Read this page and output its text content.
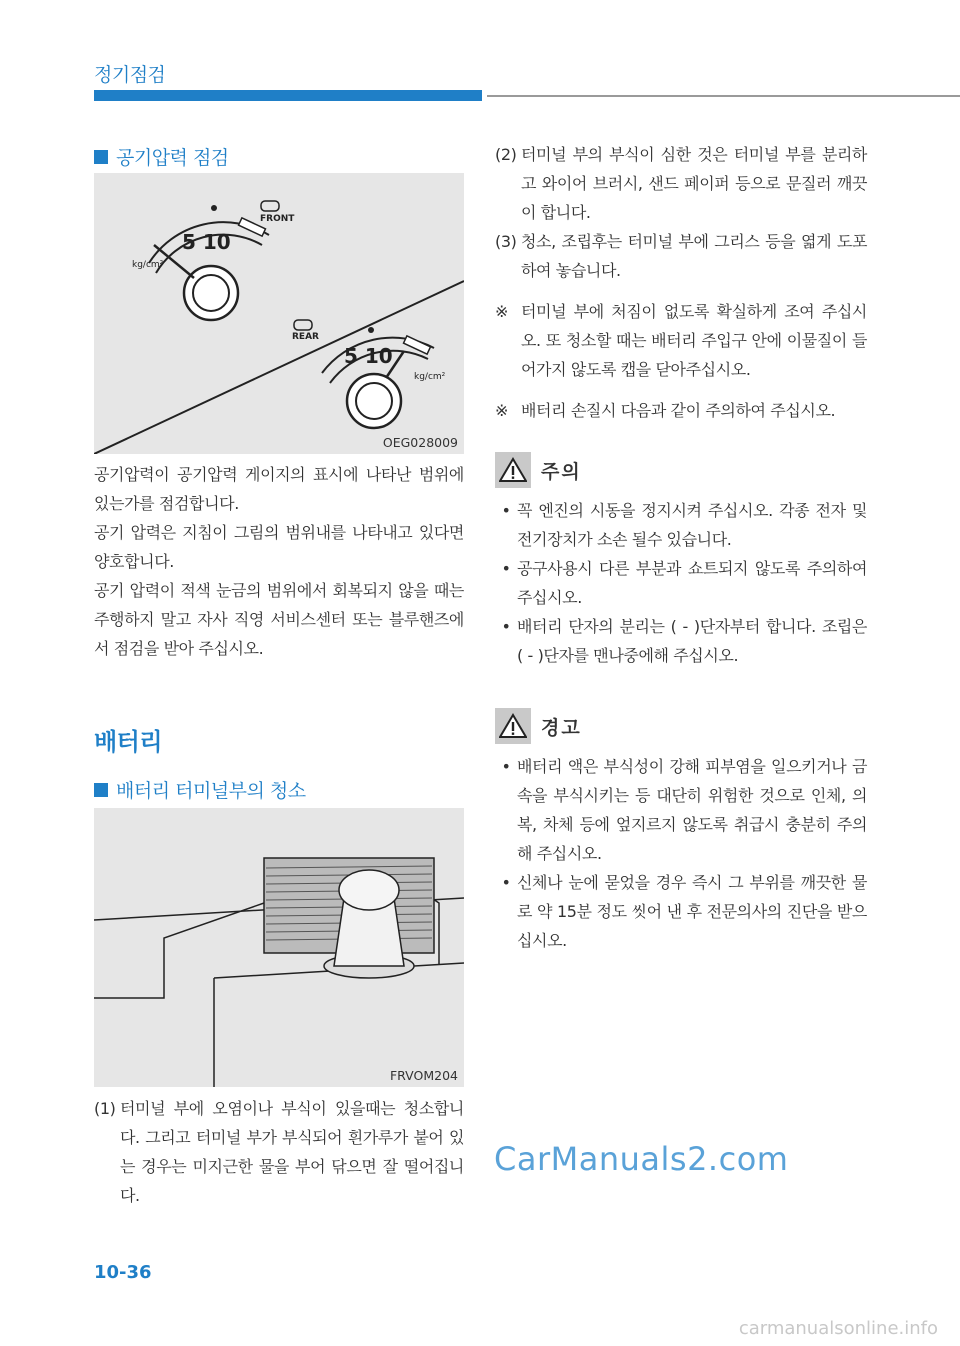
정기점검
공기압력 점검
FRONT
REAR
5 10
5 10
kg/cm²
kg/cm²
OEG028009

공기압력이 공기압력 게이지의 표시에 나타난 범위에 있는가를 점검합니다.

공기 압력은 지침이 그림의 범위내를 나타내고 있다면 양호합니다.

공기 압력이 적색 눈금의 범위에서 회복되지 않을 때는 주행하지 말고 자사 직영 서비스센터 또는 블루핸즈에서 점검을 받아 주십시오.

배터리
배터리 터미널부의 청소
FRVOM204
(1) 터미널 부에 오염이나 부식이 있을때는 청소합니다. 그리고 터미널 부가 부식되어 흰가루가 붙어 있는 경우는 미지근한 물을 부어 닦으면 잘 떨어집니다.
(2) 터미널 부의 부식이 심한 것은 터미널 부를 분리하고 와이어 브러시, 샌드 페이퍼 등으로 문질러 깨끗이 합니다.
(3) 청소, 조립후는 터미널 부에 그리스 등을 엷게 도포하여 놓습니다.
※ 터미널 부에 처짐이 없도록 확실하게 조여 주십시오. 또 청소할 때는 배터리 주입구 안에 이물질이 들어가지 않도록 캡을 닫아주십시오.
※ 배터리 손질시 다음과 같이 주의하여 주십시오.
주의
• 꼭 엔진의 시동을 정지시켜 주십시오. 각종 전자 및 전기장치가 소손 될수 있습니다.
• 공구사용시 다른 부분과 쇼트되지 않도록 주의하여 주십시오.
• 배터리 단자의 분리는 ( - )단자부터 합니다. 조립은 ( - )단자를 맨나중에해 주십시오.
경고
• 배터리 액은 부식성이 강해 피부염을 일으키거나 금속을 부식시키는 등 대단히 위험한 것으로 인체, 의복, 차체 등에 엎지르지 않도록 취급시 충분히 주의해 주십시오.
• 신체나 눈에 묻었을 경우 즉시 그 부위를 깨끗한 물로 약 15분 정도 씻어 낸 후 전문의사의 진단을 받으십시오.
CarManuals2.com
10-36
carmanualsonline.info
